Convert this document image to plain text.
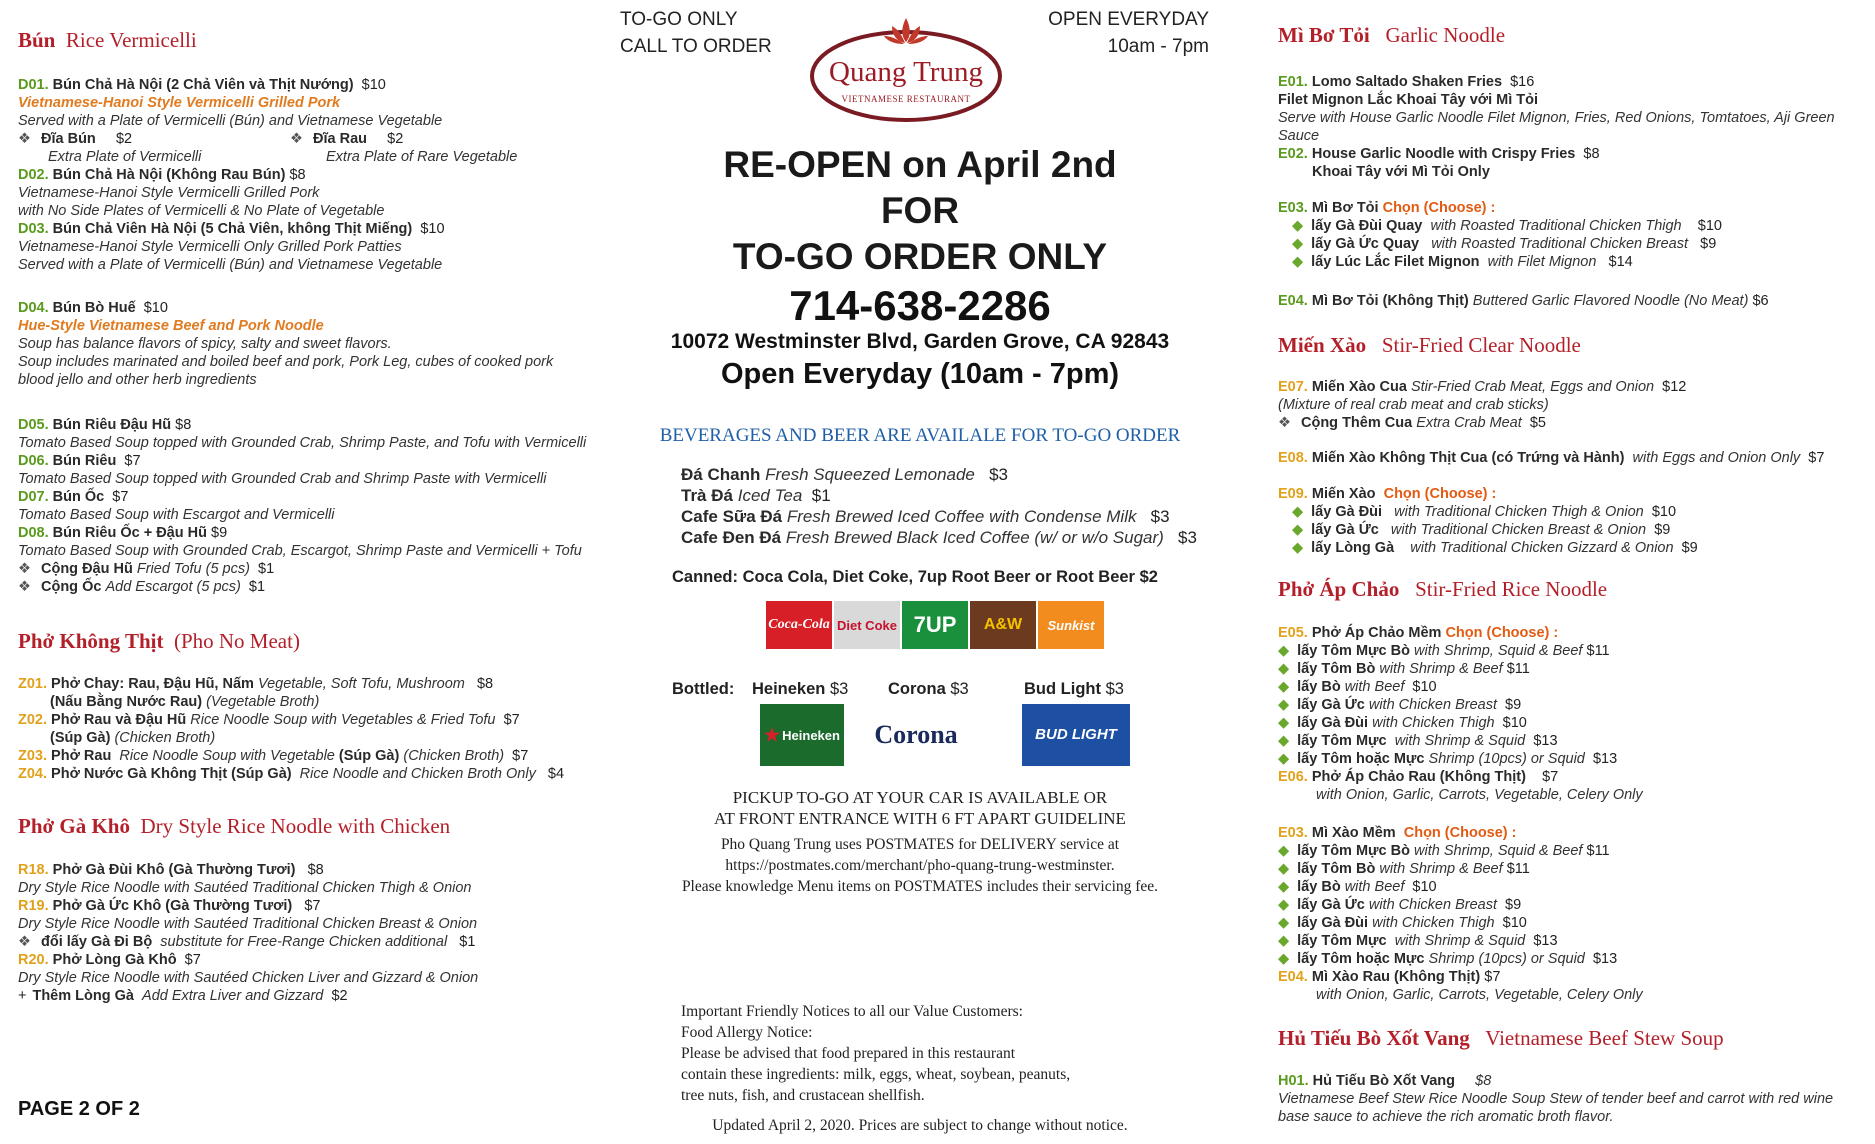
Bún Rice Vermicelli

D01. Bún Chả Hà Nội (2 Chả Viên và Thịt Nướng) $10
Vietnamese-Hanoi Style Vermicelli Grilled Pork
Served with a Plate of Vermicelli (Bún) and Vietnamese Vegetable
❖ Đĩa Bún $2	❖ Đĩa Rau $2
Extra Plate of Vermicelli	Extra Plate of Rare Vegetable
D02. Bún Chả Hà Nội (Không Rau Bún) $8
Vietnamese-Hanoi Style Vermicelli Grilled Pork
with No Side Plates of Vermicelli & No Plate of Vegetable
D03. Bún Chả Viên Hà Nội (5 Chả Viên, không Thịt Miếng) $10
Vietnamese-Hanoi Style Vermicelli Only Grilled Pork Patties
Served with a Plate of Vermicelli (Bún) and Vietnamese Vegetable
D04. Bún Bò Huế $10
Hue-Style Vietnamese Beef and Pork Noodle
Soup has balance flavors of spicy, salty and sweet flavors.
Soup includes marinated and boiled beef and pork, Pork Leg, cubes of cooked pork
blood jello and other herb ingredients
D05. Bún Riêu Đậu Hũ $8
Tomato Based Soup topped with Grounded Crab, Shrimp Paste, and Tofu with Vermicelli
D06. Bún Riêu $7
Tomato Based Soup topped with Grounded Crab and Shrimp Paste with Vermicelli
D07. Bún Ốc $7
Tomato Based Soup with Escargot and Vermicelli
D08. Bún Riêu Ốc + Đậu Hũ $9
Tomato Based Soup with Grounded Crab, Escargot, Shrimp Paste and Vermicelli + Tofu
❖ Cộng Đậu Hũ Fried Tofu (5 pcs) $1
❖ Cộng Ốc Add Escargot (5 pcs) $1

Phở Không Thịt (Pho No Meat)

Z01. Phở Chay: Rau, Đậu Hũ, Nấm Vegetable, Soft Tofu, Mushroom $8
(Nấu Bằng Nước Rau) (Vegetable Broth)
Z02. Phở Rau và Đậu Hũ Rice Noodle Soup with Vegetables & Fried Tofu $7
(Súp Gà) (Chicken Broth)
Z03. Phở Rau Rice Noodle Soup with Vegetable (Súp Gà) (Chicken Broth) $7
Z04. Phở Nước Gà Không Thịt (Súp Gà) Rice Noodle and Chicken Broth Only $4

Phở Gà Khô Dry Style Rice Noodle with Chicken

R18. Phở Gà Đùi Khô (Gà Thường Tươi) $8
Dry Style Rice Noodle with Sautéed Traditional Chicken Thigh & Onion
R19. Phở Gà Ức Khô (Gà Thường Tươi) $7
Dry Style Rice Noodle with Sautéed Traditional Chicken Breast & Onion
❖ đổi lấy Gà Đi Bộ substitute for Free-Range Chicken additional $1
R20. Phở Lòng Gà Khô $7
Dry Style Rice Noodle with Sautéed Chicken Liver and Gizzard & Onion
+ Thêm Lòng Gà Add Extra Liver and Gizzard $2
PAGE 2 OF 2
TO-GO ONLY
CALL TO ORDER
OPEN EVERYDAY
10am - 7pm
Quang Trung
VIETNAMESE RESTAURANT
RE-OPEN on April 2nd
FOR
TO-GO ORDER ONLY
714-638-2286
10072 Westminster Blvd, Garden Grove, CA 92843
Open Everyday (10am - 7pm)
BEVERAGES AND BEER ARE AVAILALE FOR TO-GO ORDER
Đá Chanh Fresh Squeezed Lemonade $3
Trà Đá Iced Tea $1
Cafe Sữa Đá Fresh Brewed Iced Coffee with Condense Milk $3
Cafe Đen Đá Fresh Brewed Black Iced Coffee (w/ or w/o Sugar) $3
Canned: Coca Cola, Diet Coke, 7up Root Beer or Root Beer $2
Coca-Cola Diet Coke 7UP	A&W	Sunkist
Bottled: Heineken $3 Corona $3	Bud Light $3
★ Heineken Corona	BUD LIGHT
PICKUP TO-GO AT YOUR CAR IS AVAILABLE OR
AT FRONT ENTRANCE WITH 6 FT APART GUIDELINE
Pho Quang Trung uses POSTMATES for DELIVERY service at
https://postmates.com/merchant/pho-quang-trung-westminster.
Please knowledge Menu items on POSTMATES includes their servicing fee.
Important Friendly Notices to all our Value Customers:
Food Allergy Notice:
Please be advised that food prepared in this restaurant
contain these ingredients: milk, eggs, wheat, soybean, peanuts,
tree nuts, fish, and crustacean shellfish.
Updated April 2, 2020. Prices are subject to change without notice.

Mì Bơ Tỏi Garlic Noodle

E01. Lomo Saltado Shaken Fries $16
Filet Mignon Lắc Khoai Tây với Mì Tỏi
Serve with House Garlic Noodle Filet Mignon, Fries, Red Onions, Tomtatoes, Aji Green Sauce
E02. House Garlic Noodle with Crispy Fries $8
Khoai Tây với Mì Tỏi Only
E03. Mì Bơ Tỏi Chọn (Choose) :
◆ lấy Gà Đùi Quay with Roasted Traditional Chicken Thigh $10
◆ lấy Gà Ức Quay with Roasted Traditional Chicken Breast $9
◆ lấy Lúc Lắc Filet Mignon with Filet Mignon $14
E04. Mì Bơ Tỏi (Không Thịt) Buttered Garlic Flavored Noodle (No Meat) $6

Miến Xào Stir-Fried Clear Noodle

E07. Miến Xào Cua Stir-Fried Crab Meat, Eggs and Onion $12
(Mixture of real crab meat and crab sticks)
❖ Cộng Thêm Cua Extra Crab Meat $5
E08. Miến Xào Không Thịt Cua (có Trứng và Hành) with Eggs and Onion Only $7
E09. Miến Xào Chọn (Choose) :
◆ lấy Gà Đùi with Traditional Chicken Thigh & Onion $10
◆ lấy Gà Ức with Traditional Chicken Breast & Onion $9
◆ lấy Lòng Gà with Traditional Chicken Gizzard & Onion $9

Phở Áp Chảo Stir-Fried Rice Noodle

E05. Phở Áp Chảo Mềm Chọn (Choose) :
◆ lấy Tôm Mực Bò with Shrimp, Squid & Beef $11
◆ lấy Tôm Bò with Shrimp & Beef $11
◆ lấy Bò with Beef $10
◆ lấy Gà Ức with Chicken Breast $9
◆ lấy Gà Đùi with Chicken Thigh $10
◆ lấy Tôm Mực with Shrimp & Squid $13
◆ lấy Tôm hoặc Mực Shrimp (10pcs) or Squid $13
E06. Phở Áp Chảo Rau (Không Thịt) $7
with Onion, Garlic, Carrots, Vegetable, Celery Only
E03. Mì Xào Mềm Chọn (Choose) :
◆ lấy Tôm Mực Bò with Shrimp, Squid & Beef $11
◆ lấy Tôm Bò with Shrimp & Beef $11
◆ lấy Bò with Beef $10
◆ lấy Gà Ức with Chicken Breast $9
◆ lấy Gà Đùi with Chicken Thigh $10
◆ lấy Tôm Mực with Shrimp & Squid $13
◆ lấy Tôm hoặc Mực Shrimp (10pcs) or Squid $13
E04. Mì Xào Rau (Không Thịt) $7
with Onion, Garlic, Carrots, Vegetable, Celery Only

Hủ Tiếu Bò Xốt Vang Vietnamese Beef Stew Soup

H01. Hủ Tiếu Bò Xốt Vang $8
Vietnamese Beef Stew Rice Noodle Soup Stew of tender beef and carrot with red wine
base sauce to achieve the rich aromatic broth flavor.
